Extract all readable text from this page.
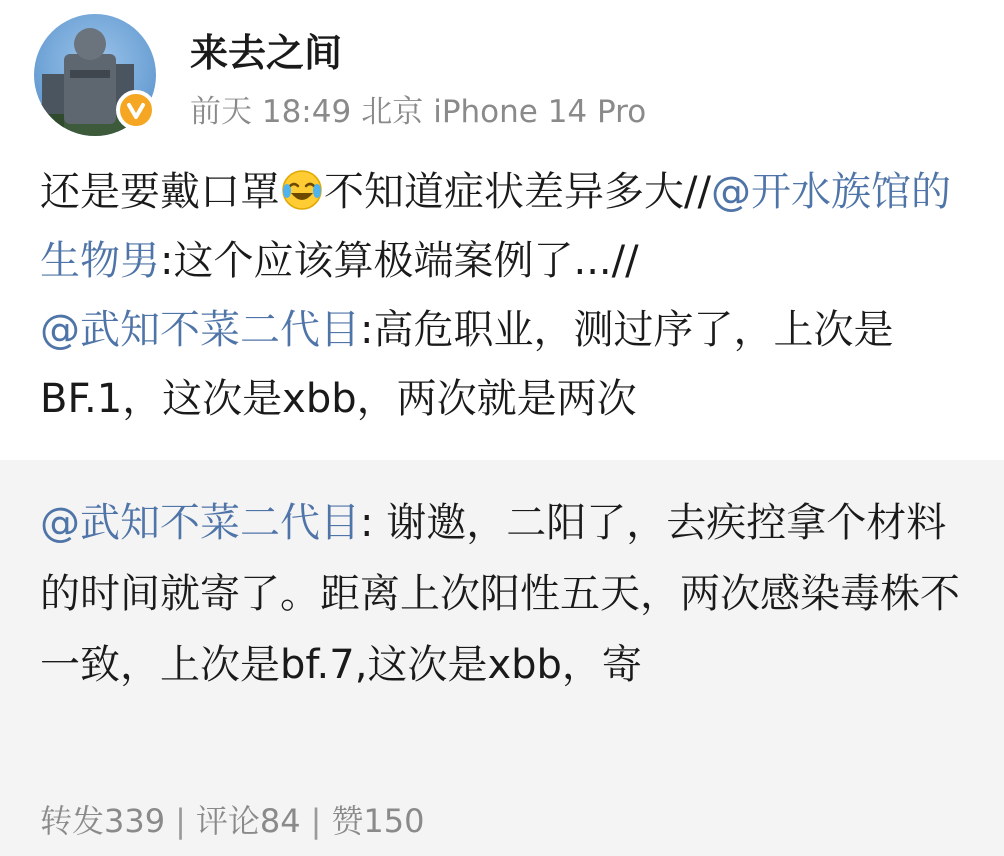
来去之间
前天 18:49 北京 iPhone 14 Pro
还是要戴口罩 不知道症状差异多大//@开水族馆的生物男:这个应该算极端案例了...//
@武知不菜二代目:高危职业，测过序了，上次是BF.1，这次是xbb，两次就是两次
@武知不菜二代目: 谢邀，二阳了，去疾控拿个材料的时间就寄了。距离上次阳性五天，两次感染毒株不一致，上次是bf.7,这次是xbb，寄
转发339 | 评论84 | 赞150
